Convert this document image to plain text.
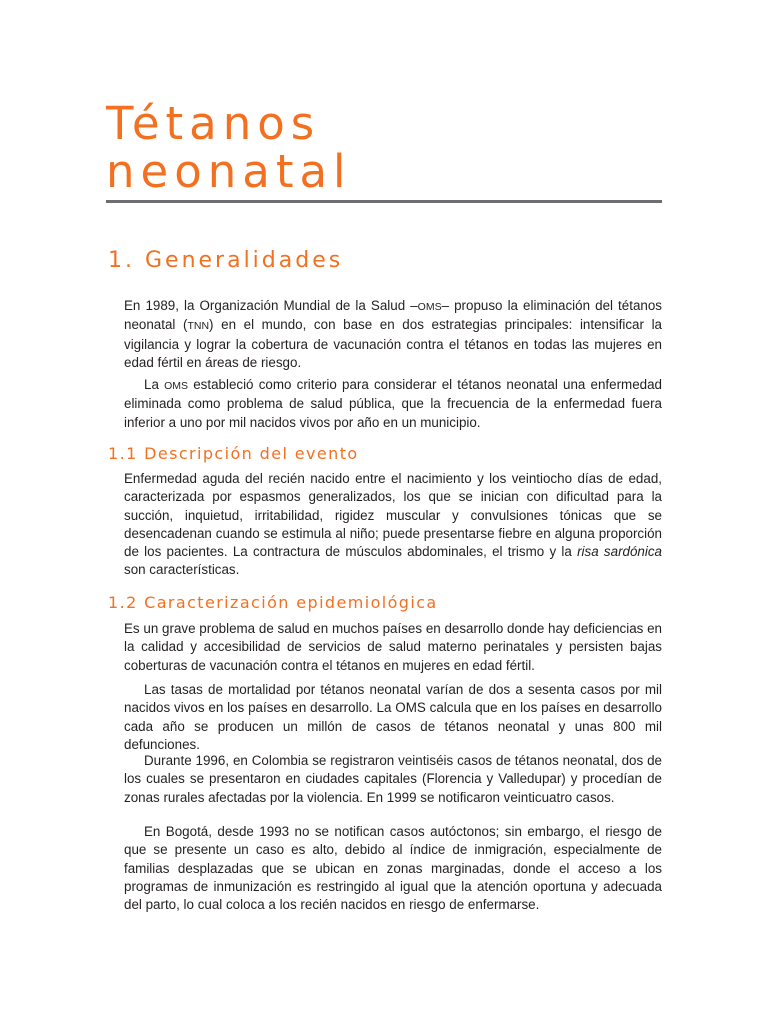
Tétanos
neonatal
1. Generalidades

En 1989, la Organización Mundial de la Salud –OMS– propuso la eliminación del tétanos neonatal (TNN) en el mundo, con base en dos estrategias principales: intensificar la vigilancia y lograr la cobertura de vacunación contra el tétanos en todas las mujeres en edad fértil en áreas de riesgo.

La OMS estableció como criterio para considerar el tétanos neonatal una enfermedad eliminada como problema de salud pública, que la frecuencia de la enfermedad fuera inferior a uno por mil nacidos vivos por año en un municipio.

1.1 Descripción del evento

Enfermedad aguda del recién nacido entre el nacimiento y los veintiocho días de edad, caracterizada por espasmos generalizados, los que se inician con dificultad para la succión, inquietud, irritabilidad, rigidez muscular y convulsiones tónicas que se desencadenan cuando se estimula al niño; puede presentarse fiebre en alguna proporción de los pacientes. La contractura de músculos abdominales, el trismo y la risa sardónica son características.

1.2 Caracterización epidemiológica

Es un grave problema de salud en muchos países en desarrollo donde hay deficiencias en la calidad y accesibilidad de servicios de salud materno perinatales y persisten bajas coberturas de vacunación contra el tétanos en mujeres en edad fértil.

Las tasas de mortalidad por tétanos neonatal varían de dos a sesenta casos por mil nacidos vivos en los países en desarrollo. La OMS calcula que en los países en desarrollo cada año se producen un millón de casos de tétanos neonatal y unas 800 mil defunciones.

Durante 1996, en Colombia se registraron veintiséis casos de tétanos neonatal, dos de los cuales se presentaron en ciudades capitales (Florencia y Valledupar) y procedían de zonas rurales afectadas por la violencia. En 1999 se notificaron veinticuatro casos.

En Bogotá, desde 1993 no se notifican casos autóctonos; sin embargo, el riesgo de que se presente un caso es alto, debido al índice de inmigración, especialmente de familias desplazadas que se ubican en zonas marginadas, donde el acceso a los programas de inmunización es restringido al igual que la atención oportuna y adecuada del parto, lo cual coloca a los recién nacidos en riesgo de enfermarse.
